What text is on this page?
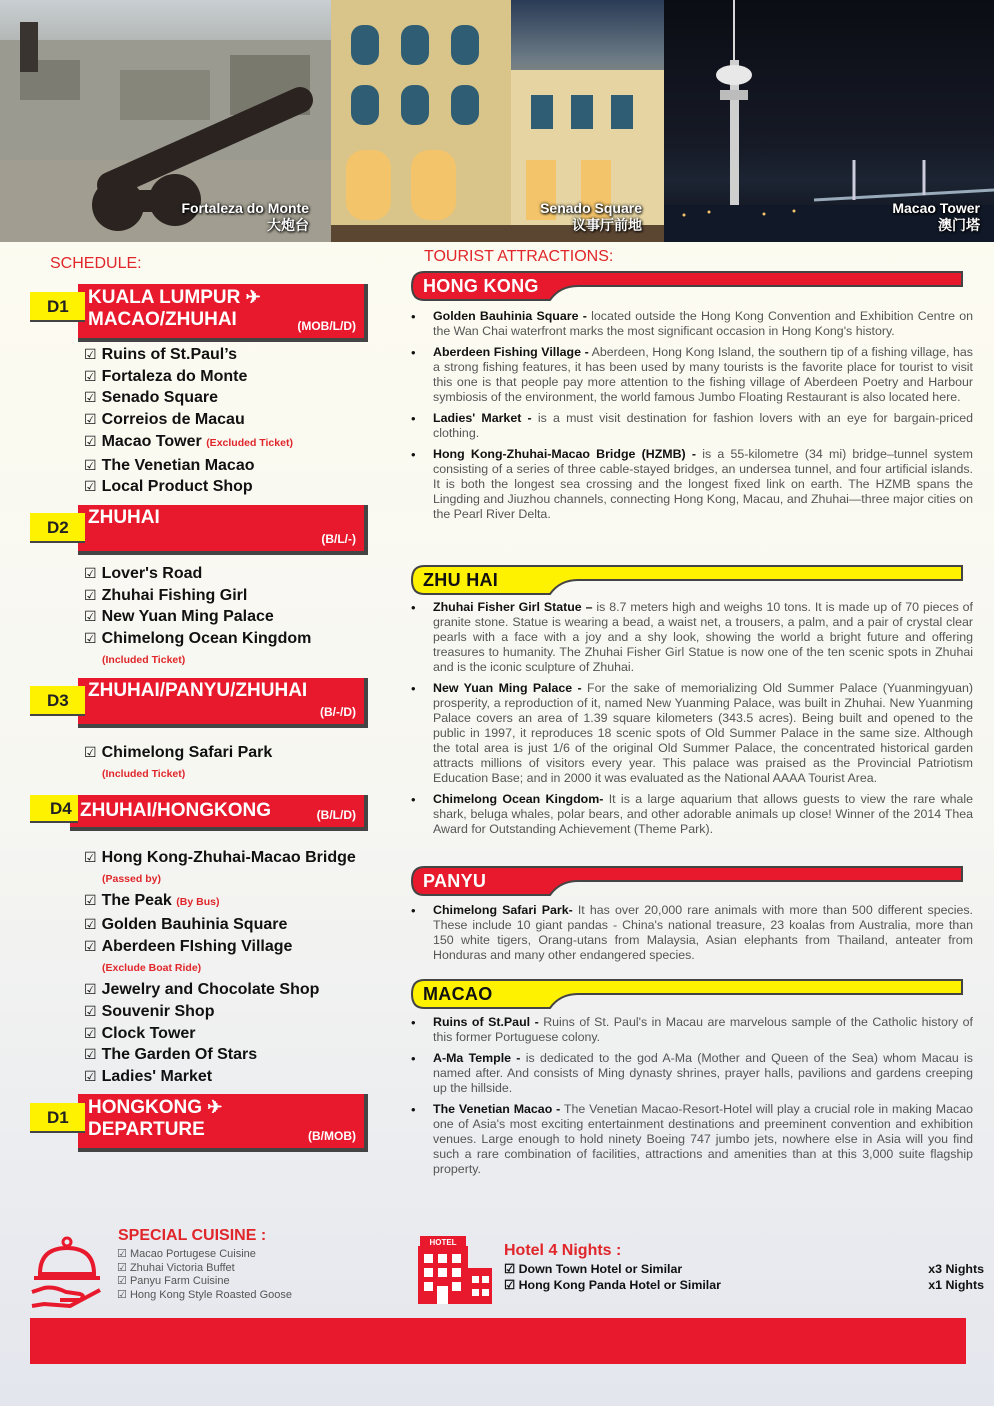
Fortaleza do Monte
大炮台
Senado Square
议事厅前地
Macao Tower
澳门塔
SCHEDULE:
KUALA LUMPUR ✈
MACAO/ZHUHAI	(MOB/L/D)
D1
☑ Ruins of St.Paul’s
☑ Fortaleza do Monte
☑ Senado Square
☑ Correios de Macau
☑ Macao Tower (Excluded Ticket)
☑ The Venetian Macao
☑ Local Product Shop
ZHUHAI
(B/L/-)
D2
☑ Lover's Road
☑ Zhuhai Fishing Girl
☑ New Yuan Ming Palace
☑ Chimelong Ocean Kingdom
(Included Ticket)
ZHUHAI/PANYU/ZHUHAI
(B/-/D)
D3
☑ Chimelong Safari Park
(Included Ticket)
ZHUHAI/HONGKONG	(B/L/D)
D4
☑ Hong Kong-Zhuhai-Macao Bridge
(Passed by)
☑ The Peak (By Bus)
☑ Golden Bauhinia Square
☑ Aberdeen FIshing Village
(Exclude Boat Ride)
☑ Jewelry and Chocolate Shop
☑ Souvenir Shop
☑ Clock Tower
☑ The Garden Of Stars
☑ Ladies' Market
HONGKONG ✈
DEPARTURE	(B/MOB)
D1
TOURIST ATTRACTIONS:
HONG KONG
• Golden Bauhinia Square - located outside the Hong Kong Convention and Exhibition Centre on the Wan Chai waterfront marks the most significant occasion in Hong Kong's history.
• Aberdeen Fishing Village - Aberdeen, Hong Kong Island, the southern tip of a fishing village, has a strong fishing features, it has been used by many tourists is the favorite place for tourist to visit this one is that people pay more attention to the fishing village of Aberdeen Poetry and Harbour symbiosis of the environment, the world famous Jumbo Floating Restaurant is also located here.
• Ladies' Market - is a must visit destination for fashion lovers with an eye for bargain-priced clothing.
• Hong Kong-Zhuhai-Macao Bridge (HZMB) - is a 55-kilometre (34 mi) bridge–tunnel system consisting of a series of three cable-stayed bridges, an undersea tunnel, and four artificial islands. It is both the longest sea crossing and the longest fixed link on earth. The HZMB spans the Lingding and Jiuzhou channels, connecting Hong Kong, Macau, and Zhuhai—three major cities on the Pearl River Delta.
ZHU HAI
• Zhuhai Fisher Girl Statue – is 8.7 meters high and weighs 10 tons. It is made up of 70 pieces of granite stone. Statue is wearing a bead, a waist net, a trousers, a palm, and a pair of crystal clear pearls with a face with a joy and a shy look, showing the world a bright future and offering treasures to humanity. The Zhuhai Fisher Girl Statue is now one of the ten scenic spots in Zhuhai and is the iconic sculpture of Zhuhai.
• New Yuan Ming Palace - For the sake of memorializing Old Summer Palace (Yuanmingyuan) prosperity, a reproduction of it, named New Yuanming Palace, was built in Zhuhai. New Yuanming Palace covers an area of 1.39 square kilometers (343.5 acres). Being built and opened to the public in 1997, it reproduces 18 scenic spots of Old Summer Palace in the same size. Although the total area is just 1/6 of the original Old Summer Palace, the concentrated historical garden attracts millions of visitors every year. This palace was praised as the Provincial Patriotism Education Base; and in 2000 it was evaluated as the National AAAA Tourist Area.
• Chimelong Ocean Kingdom- It is a large aquarium that allows guests to view the rare whale shark, beluga whales, polar bears, and other adorable animals up close! Winner of the 2014 Thea Award for Outstanding Achievement (Theme Park).
PANYU
• Chimelong Safari Park- It has over 20,000 rare animals with more than 500 different species. These include 10 giant pandas - China's national treasure, 23 koalas from Australia, more than 150 white tigers, Orang-utans from Malaysia, Asian elephants from Thailand, anteater from Honduras and many other endangered species.
MACAO
• Ruins of St.Paul - Ruins of St. Paul's in Macau are marvelous sample of the Catholic history of this former Portuguese colony.
• A-Ma Temple - is dedicated to the god A-Ma (Mother and Queen of the Sea) whom Macau is named after. And consists of Ming dynasty shrines, prayer halls, pavilions and gardens creeping up the hillside.
• The Venetian Macao - The Venetian Macao-Resort-Hotel will play a crucial role in making Macao one of Asia's most exciting entertainment destinations and preeminent convention and exhibition venues. Large enough to hold ninety Boeing 747 jumbo jets, nowhere else in Asia will you find such a rare combination of facilities, attractions and amenities than at this 3,000 suite flagship property.
SPECIAL CUISINE :
☑ Macao Portugese Cuisine
☑ Zhuhai Victoria Buffet
☑ Panyu Farm Cuisine
☑ Hong Kong Style Roasted Goose
HOTEL	Hotel 4 Nights :
☑ Down Town Hotel or Similar	x3 Nights
☑ Hong Kong Panda Hotel or Similar	x1 Nights
